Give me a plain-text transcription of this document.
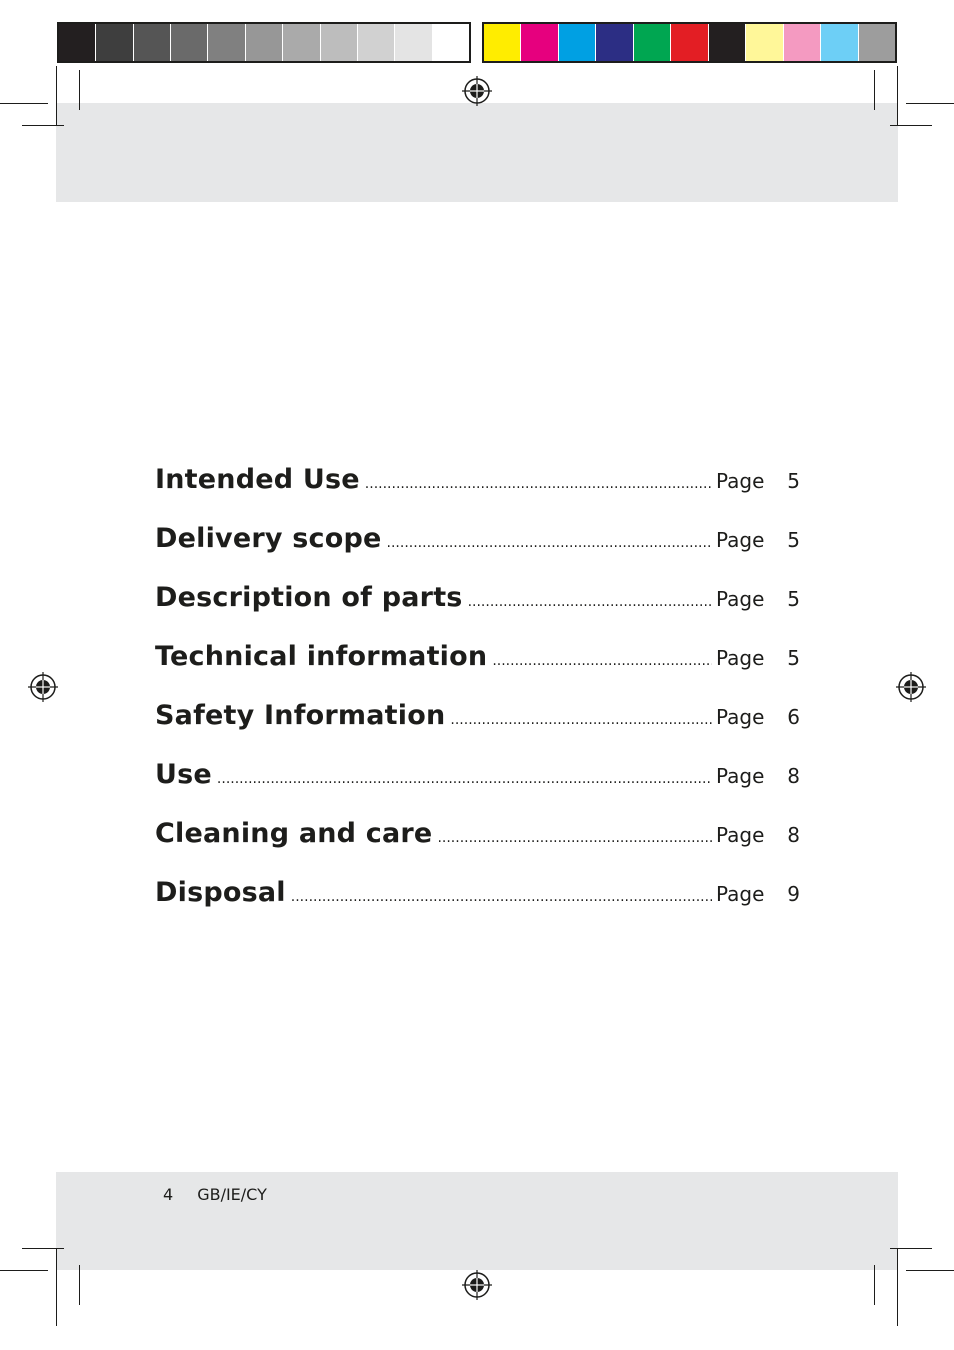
Intended Use .....	Page	5
Delivery scope .....	Page	5
Description of parts .....	Page	5
Technical information .....	Page	5
Safety Information .....	Page	6
Use .....	Page	8
Cleaning and care .....	Page	8
Disposal .....	Page	9
4 GB/IE/CY
